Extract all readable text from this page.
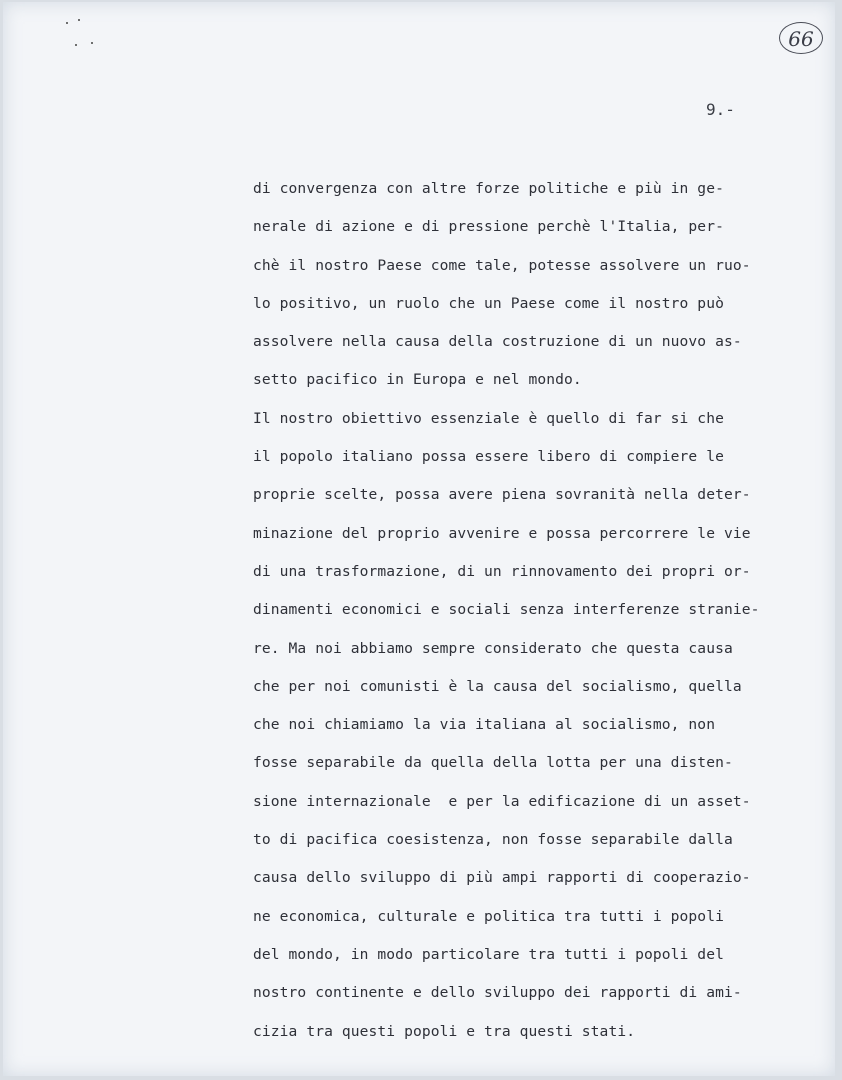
66
9.-
di convergenza con altre forze politiche e più in ge-
nerale di azione e di pressione perchè l'Italia, per-
chè il nostro Paese come tale, potesse assolvere un ruo-
lo positivo, un ruolo che un Paese come il nostro può
assolvere nella causa della costruzione di un nuovo as-
setto pacifico in Europa e nel mondo.
Il nostro obiettivo essenziale è quello di far si che
il popolo italiano possa essere libero di compiere le
proprie scelte, possa avere piena sovranità nella deter-
minazione del proprio avvenire e possa percorrere le vie
di una trasformazione, di un rinnovamento dei propri or-
dinamenti economici e sociali senza interferenze stranie-
re. Ma noi abbiamo sempre considerato che questa causa
che per noi comunisti è la causa del socialismo, quella
che noi chiamiamo la via italiana al socialismo, non
fosse separabile da quella della lotta per una disten-
sione internazionale  e per la edificazione di un asset-
to di pacifica coesistenza, non fosse separabile dalla
causa dello sviluppo di più ampi rapporti di cooperazio-
ne economica, culturale e politica tra tutti i popoli
del mondo, in modo particolare tra tutti i popoli del
nostro continente e dello sviluppo dei rapporti di ami-
cizia tra questi popoli e tra questi stati.
